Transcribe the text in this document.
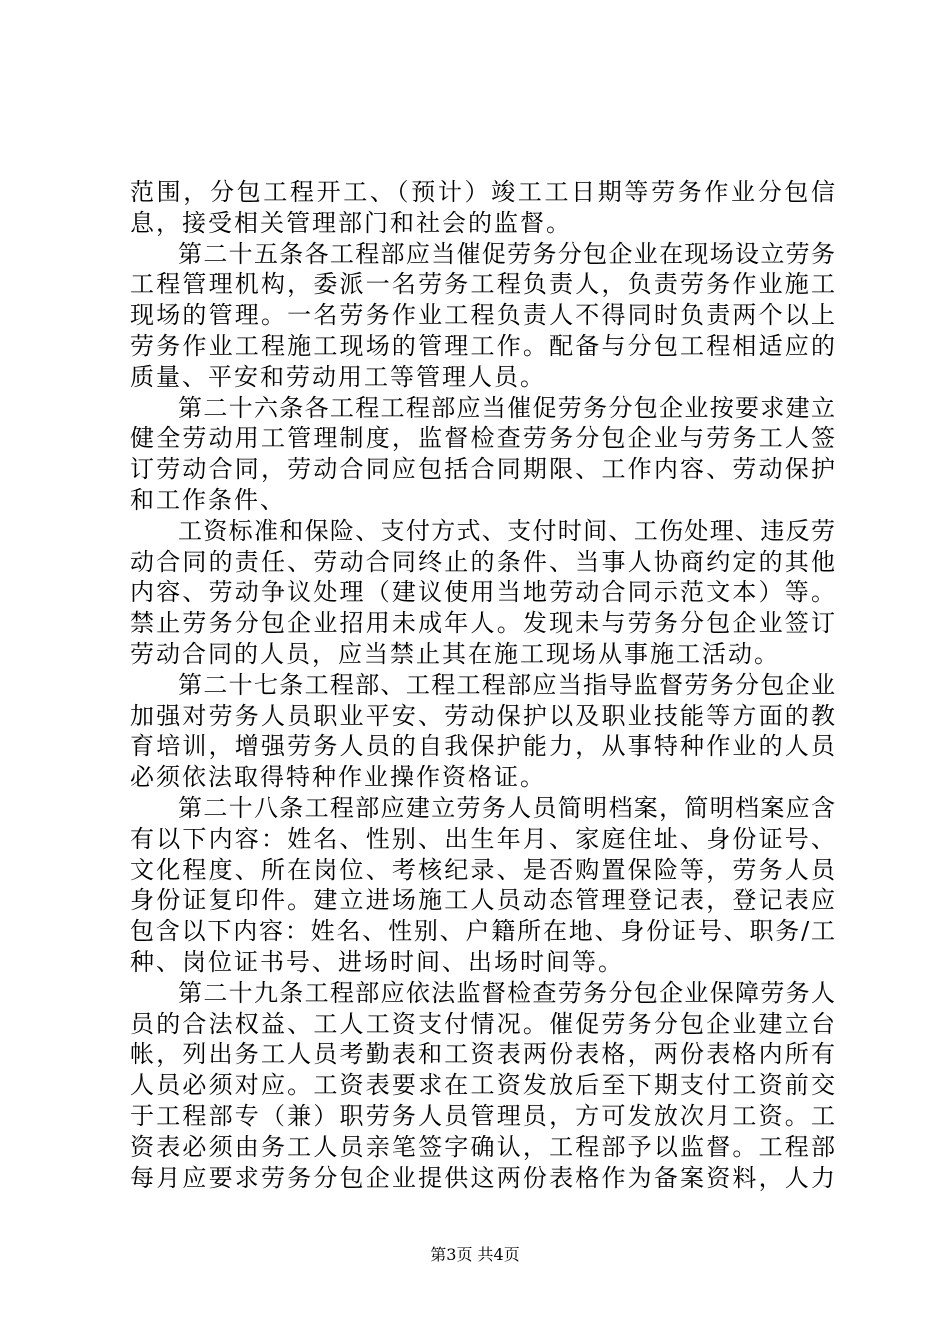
范围，分包工程开工、（预计）竣工工日期等劳务作业分包信
息，接受相关管理部门和社会的监督。
第二十五条各工程部应当催促劳务分包企业在现场设立劳务
工程管理机构，委派一名劳务工程负责人，负责劳务作业施工
现场的管理。一名劳务作业工程负责人不得同时负责两个以上
劳务作业工程施工现场的管理工作。配备与分包工程相适应的
质量、平安和劳动用工等管理人员。
第二十六条各工程工程部应当催促劳务分包企业按要求建立
健全劳动用工管理制度，监督检查劳务分包企业与劳务工人签
订劳动合同，劳动合同应包括合同期限、工作内容、劳动保护
和工作条件、
工资标准和保险、支付方式、支付时间、工伤处理、违反劳
动合同的责任、劳动合同终止的条件、当事人协商约定的其他
内容、劳动争议处理（建议使用当地劳动合同示范文本）等。
禁止劳务分包企业招用未成年人。发现未与劳务分包企业签订
劳动合同的人员，应当禁止其在施工现场从事施工活动。
第二十七条工程部、工程工程部应当指导监督劳务分包企业
加强对劳务人员职业平安、劳动保护以及职业技能等方面的教
育培训，增强劳务人员的自我保护能力，从事特种作业的人员
必须依法取得特种作业操作资格证。
第二十八条工程部应建立劳务人员简明档案，简明档案应含
有以下内容：姓名、性别、出生年月、家庭住址、身份证号、
文化程度、所在岗位、考核纪录、是否购置保险等，劳务人员
身份证复印件。建立进场施工人员动态管理登记表，登记表应
包含以下内容：姓名、性别、户籍所在地、身份证号、职务/工
种、岗位证书号、进场时间、出场时间等。
第二十九条工程部应依法监督检查劳务分包企业保障劳务人
员的合法权益、工人工资支付情况。催促劳务分包企业建立台
帐，列出务工人员考勤表和工资表两份表格，两份表格内所有
人员必须对应。工资表要求在工资发放后至下期支付工资前交
于工程部专（兼）职劳务人员管理员，方可发放次月工资。工
资表必须由务工人员亲笔签字确认，工程部予以监督。工程部
每月应要求劳务分包企业提供这两份表格作为备案资料，人力
第3页 共4页
